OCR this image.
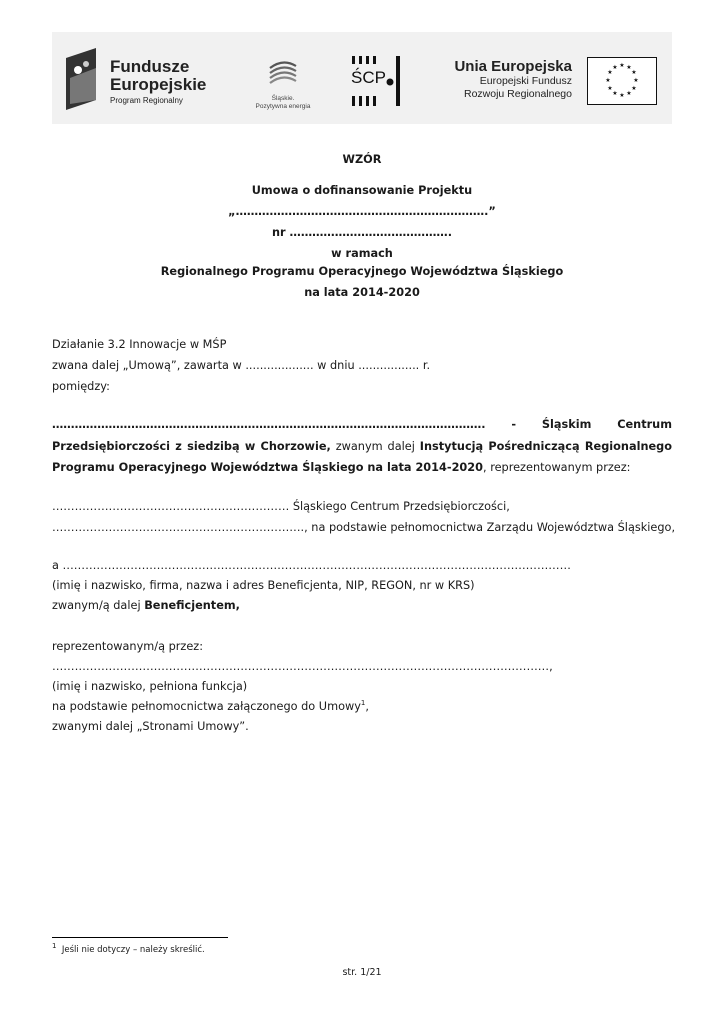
Fundusze
Europejskie
Program Regionalny	Śląskie.
Pozytywna energia
ŚCP
Unia Europejska
Europejski Fundusz
Rozwoju Regionalnego
★ ★
★
★
★
★
★
★
★
★
★
★
WZÓR
Umowa o dofinansowanie Projektu
„………………………………………………………….”
nr …………………………………….
w ramach
Regionalnego Programu Operacyjnego Województwa Śląskiego
na lata 2014-2020
Działanie 3.2 Innowacje w MŚP
zwana dalej „Umową”, zawarta w ................... w dniu ................. r.
pomiędzy:
……………………………………………………………………………………………………. - Śląskim Centrum
Przedsiębiorczości z siedzibą w Chorzowie, zwanym dalej Instytucją Pośredniczącą Regionalnego
Programu Operacyjnego Województwa Śląskiego na lata 2014-2020, reprezentowanym przez:
……………………………………………………… Śląskiego Centrum Przedsiębiorczości,
…………………………………………………………., na podstawie pełnomocnictwa Zarządu Województwa Śląskiego,
a ………………………………………………………………………………………………………………………
(imię i nazwisko, firma, nazwa i adres Beneficjenta, NIP, REGON, nr w KRS)
zwanym/ą dalej Beneficjentem,
reprezentowanym/ą przez:
……………………………………………………………………………………………………………………,
(imię i nazwisko, pełniona funkcja)
na podstawie pełnomocnictwa załączonego do Umowy$^1$,
zwanymi dalej „Stronami Umowy”.
$^1$ Jeśli nie dotyczy – należy skreślić.
str. 1/21
